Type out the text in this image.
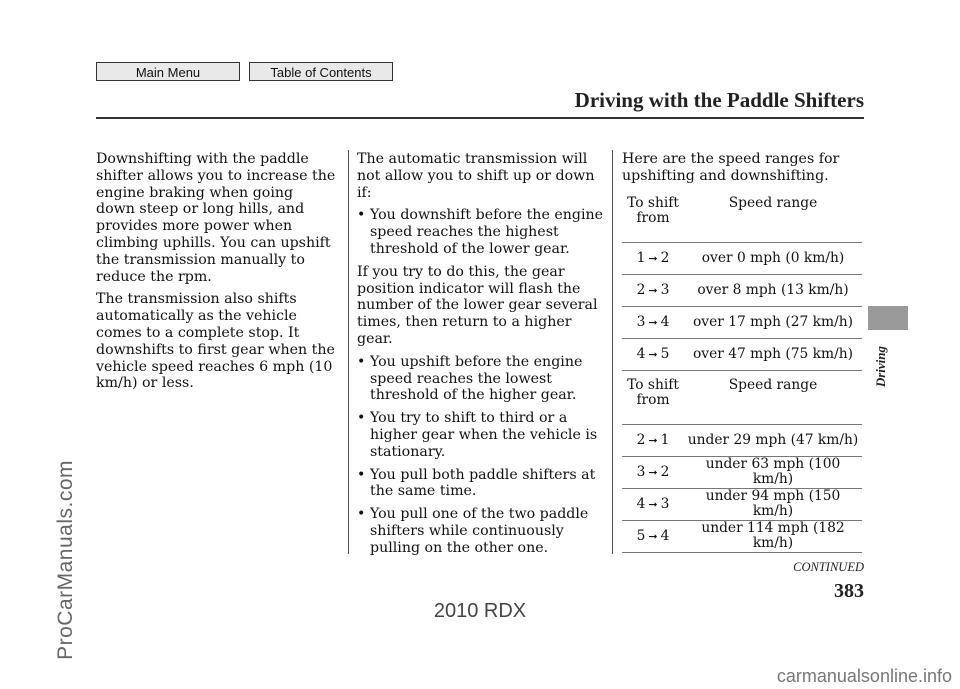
Main Menu	Table of Contents
Driving with the Paddle Shifters
Driving
ProCarManuals.com

Downshifting with the paddle shifter allows you to increase the engine braking when going down steep or long hills, and provides more power when climbing uphills. You can upshift the transmission manually to reduce the rpm.

The transmission also shifts automatically as the vehicle comes to a complete stop. It downshifts to first gear when the vehicle speed reaches 6 mph (10 km/h) or less.

The automatic transmission will not allow you to shift up or down if:

• You downshift before the engine speed reaches the highest threshold of the lower gear.

If you try to do this, the gear position indicator will flash the number of the lower gear several times, then return to a higher gear.

• You upshift before the engine speed reaches the lowest threshold of the higher gear.
• You try to shift to third or a higher gear when the vehicle is stationary.
• You pull both paddle shifters at the same time.
• You pull one of the two paddle shifters while continuously pulling on the other one.

Here are the speed ranges for upshifting and downshifting.

To shift from	Speed range
1 ➞ 2	over 0 mph (0 km/h)
2 ➞ 3	over 8 mph (13 km/h)
3 ➞ 4	over 17 mph (27 km/h)
4 ➞ 5	over 47 mph (75 km/h)
To shift from	Speed range
2 ➞ 1	under 29 mph (47 km/h)
3 ➞ 2	under 63 mph (100 km/h)
4 ➞ 3	under 94 mph (150 km/h)
5 ➞ 4	under 114 mph (182 km/h)
CONTINUED
383
2010 RDX
carmanualsonline.info
